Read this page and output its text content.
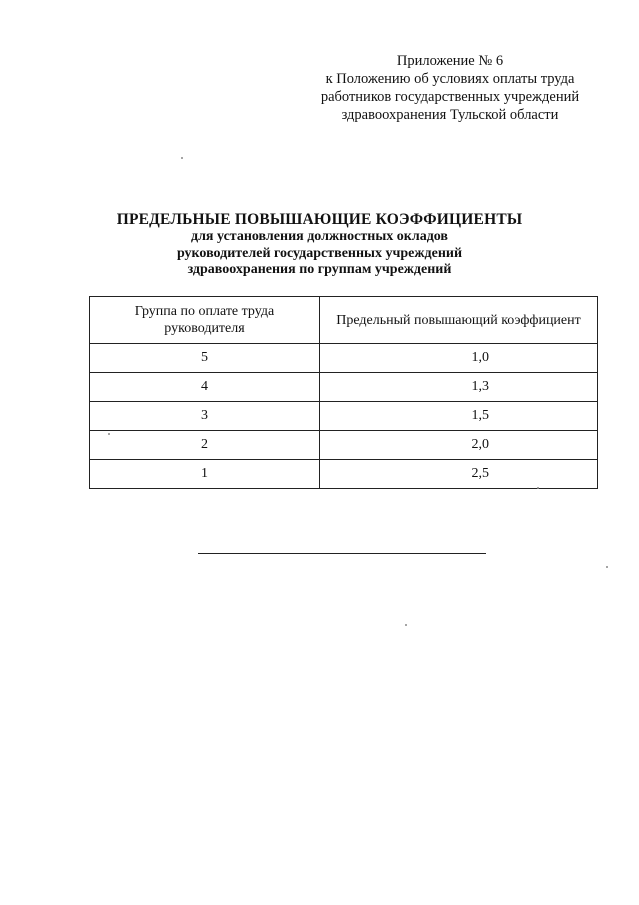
Приложение № 6
к Положению об условиях оплаты труда
работников государственных учреждений
здравоохранения Тульской области
ПРЕДЕЛЬНЫЕ ПОВЫШАЮЩИЕ КОЭФФИЦИЕНТЫ
для установления должностных окладов
руководителей государственных учреждений
здравоохранения по группам учреждений
Группа по оплате труда
руководителя	Предельный повышающий коэффициент
5	1,0
4	1,3
3	1,5
2	2,0
1	2,5
